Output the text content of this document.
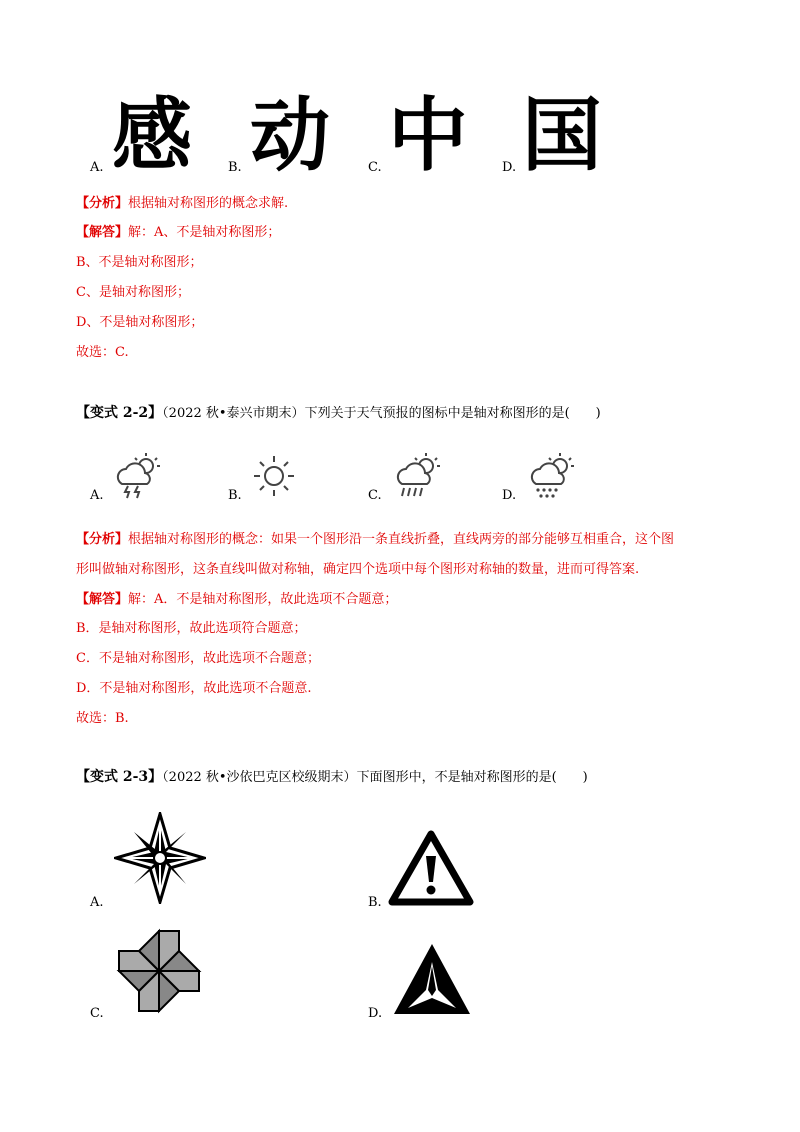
感
A. 动
B. 中
C. 国
D.
【分析】根据轴对称图形的概念求解.
【解答】解：A、不是轴对称图形；
B、不是轴对称图形；
C、是轴对称图形；
D、不是轴对称图形；
故选：C.
【变式 2-2】（2022 秋•泰兴市期末）下列关于天气预报的图标中是轴对称图形的是(　　)
A.	B.	C.	D.
【分析】根据轴对称图形的概念：如果一个图形沿一条直线折叠，直线两旁的部分能够互相重合，这个图
形叫做轴对称图形，这条直线叫做对称轴，确定四个选项中每个图形对称轴的数量，进而可得答案.
【解答】解：A．不是轴对称图形，故此选项不合题意；
B．是轴对称图形，故此选项符合题意；
C．不是轴对称图形，故此选项不合题意；
D．不是轴对称图形，故此选项不合题意.
故选：B.
【变式 2-3】（2022 秋•沙依巴克区校级期末）下面图形中，不是轴对称图形的是(　　)
A.	B.
C.	D.
